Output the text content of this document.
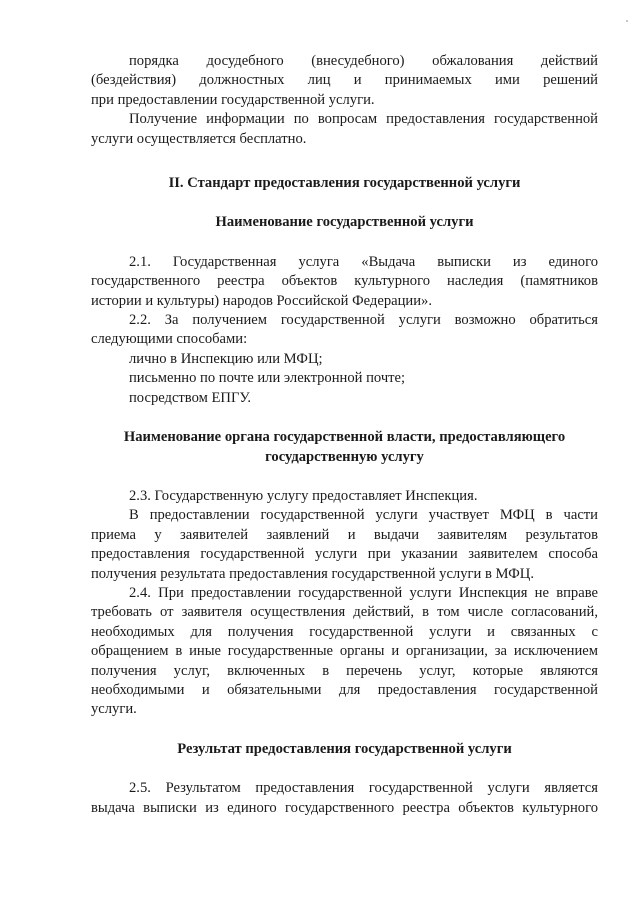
порядка досудебного (внесудебного) обжалования действий

(бездействия) должностных лиц и принимаемых ими решений

при предоставлении государственной услуги.

Получение информации по вопросам предоставления государственной

услуги осуществляется бесплатно.

II. Стандарт предоставления государственной услуги
Наименование государственной услуги

2.1. Государственная услуга «Выдача выписки из единого

государственного реестра объектов культурного наследия (памятников

истории и культуры) народов Российской Федерации».

2.2. За получением государственной услуги возможно обратиться

следующими способами:

лично в Инспекцию или МФЦ;

письменно по почте или электронной почте;

посредством ЕПГУ.

Наименование органа государственной власти, предоставляющего
государственную услугу

2.3. Государственную услугу предоставляет Инспекция.

В предоставлении государственной услуги участвует МФЦ в части

приема у заявителей заявлений и выдачи заявителям результатов

предоставления государственной услуги при указании заявителем способа

получения результата предоставления государственной услуги в МФЦ.

2.4. При предоставлении государственной услуги Инспекция не вправе

требовать от заявителя осуществления действий, в том числе согласований,

необходимых для получения государственной услуги и связанных с

обращением в иные государственные органы и организации, за исключением

получения услуг, включенных в перечень услуг, которые являются

необходимыми и обязательными для предоставления государственной

услуги.

Результат предоставления государственной услуги

2.5. Результатом предоставления государственной услуги является

выдача выписки из единого государственного реестра объектов культурного
